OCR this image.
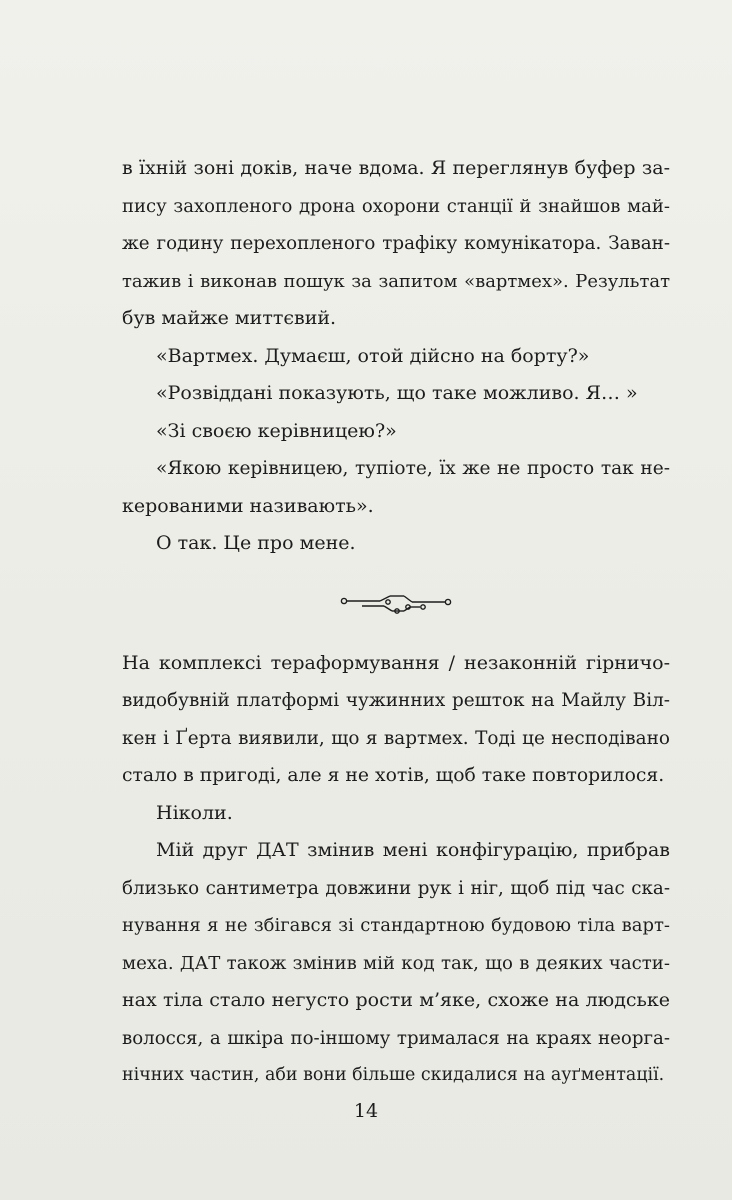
в їхній зоні доків, наче вдома. Я переглянув буфер за-
пису захопленого дрона охорони станції й знайшов май-
же годину перехопленого трафіку комунікатора. Заван-
тажив і виконав пошук за запитом «вартмех». Результат
був майже миттєвий.
«Вартмех. Думаєш, отой дійсно на борту?»
«Розвіддані показують, що таке можливо. Я… »
«Зі своєю керівницею?»
«Якою керівницею, тупіоте, їх же не просто так не-
керованими називають».
О так. Це про мене.
На комплексі тераформування / незаконній гірничо-
видобувній платформі чужинних решток на Майлу Віл-
кен і Ґерта виявили, що я вартмех. Тоді це несподівано
стало в пригоді, але я не хотів, щоб таке повторилося.
Ніколи.
Мій друг ДАТ змінив мені конфігурацію, прибрав
близько сантиметра довжини рук і ніг, щоб під час ска-
нування я не збігався зі стандартною будовою тіла варт-
меха. ДАТ також змінив мій код так, що в деяких части-
нах тіла стало негусто рости м’яке, схоже на людське
волосся, а шкіра по-іншому трималася на краях неорга-
нічних частин, аби вони більше скидалися на ауґментації.
14
